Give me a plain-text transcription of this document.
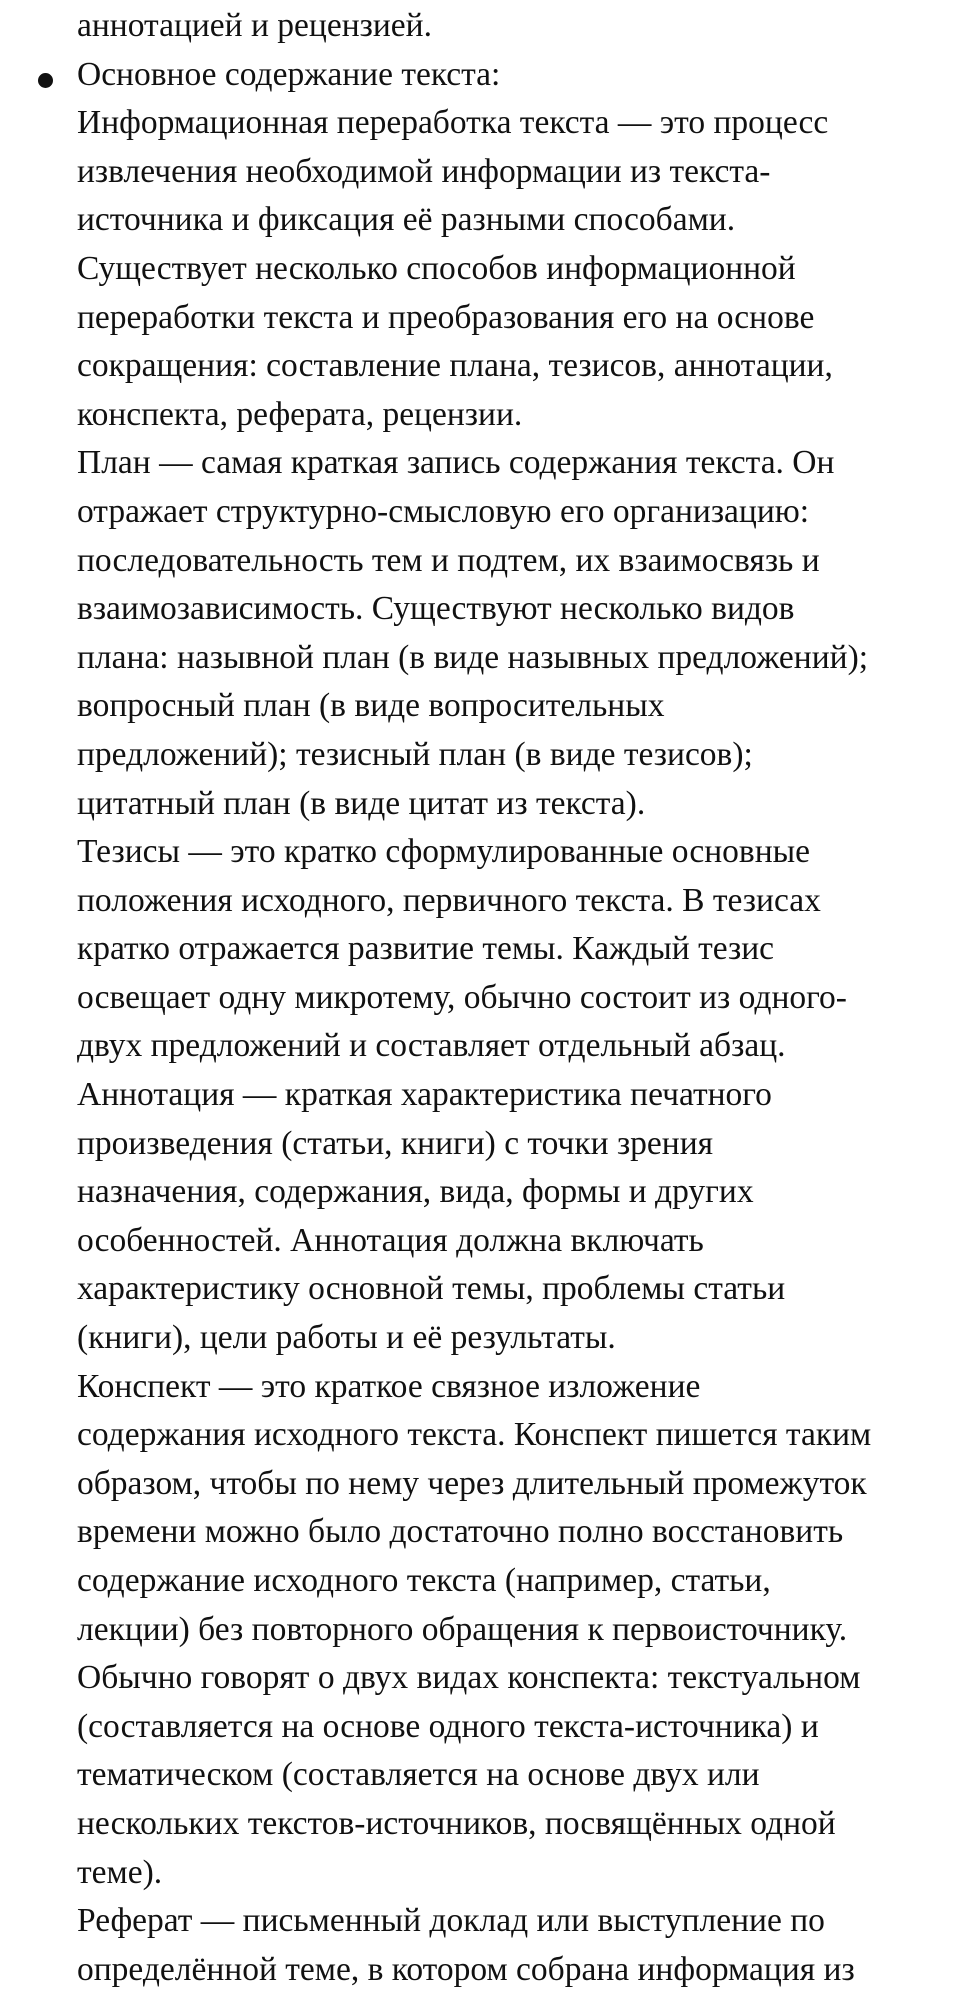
аннотацией и рецензией.
Основное содержание текста:
Информационная переработка текста — это процесс
извлечения необходимой информации из текста-
источника и фиксация её разными способами.
Существует несколько способов информационной
переработки текста и преобразования его на основе
сокращения: составление плана, тезисов, аннотации,
конспекта, реферата, рецензии.
План — самая краткая запись содержания текста. Он
отражает структурно-смысловую его организацию:
последовательность тем и подтем, их взаимосвязь и
взаимозависимость. Существуют несколько видов
плана: назывной план (в виде назывных предложений);
вопросный план (в виде вопросительных
предложений); тезисный план (в виде тезисов);
цитатный план (в виде цитат из текста).
Тезисы — это кратко сформулированные основные
положения исходного, первичного текста. В тезисах
кратко отражается развитие темы. Каждый тезис
освещает одну микротему, обычно состоит из одного-
двух предложений и составляет отдельный абзац.
Аннотация — краткая характеристика печатного
произведения (статьи, книги) с точки зрения
назначения, содержания, вида, формы и других
особенностей. Аннотация должна включать
характеристику основной темы, проблемы статьи
(книги), цели работы и её результаты.
Конспект — это краткое связное изложение
содержания исходного текста. Конспект пишется таким
образом, чтобы по нему через длительный промежуток
времени можно было достаточно полно восстановить
содержание исходного текста (например, статьи,
лекции) без повторного обращения к первоисточнику.
Обычно говорят о двух видах конспекта: текстуальном
(составляется на основе одного текста-источника) и
тематическом (составляется на основе двух или
нескольких текстов-источников, посвящённых одной
теме).
Реферат — письменный доклад или выступление по
определённой теме, в котором собрана информация из
